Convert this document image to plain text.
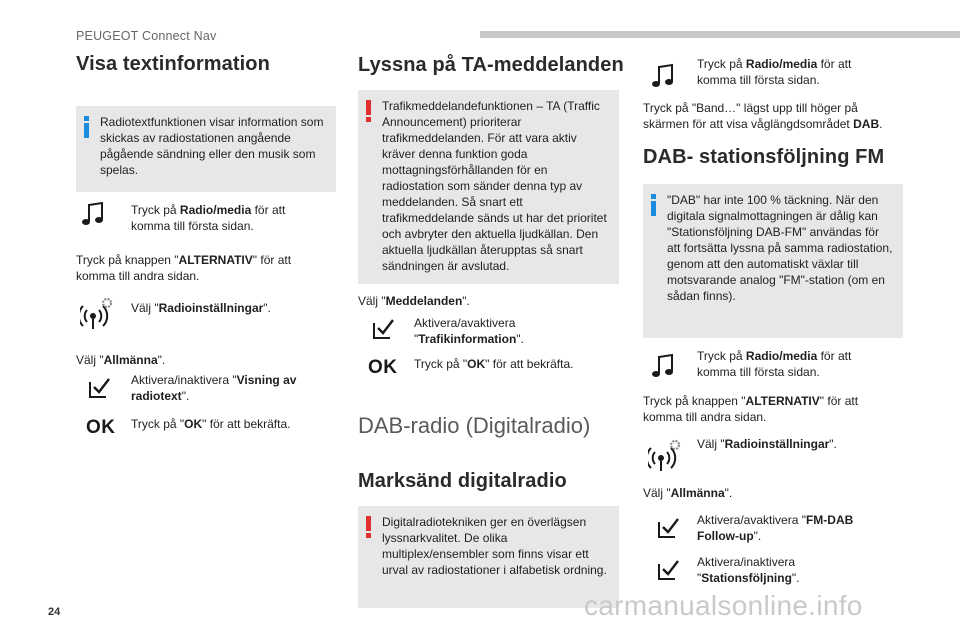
PEUGEOT Connect Nav
Visa textinformation
Radiotextfunktionen visar information som skickas av radiostationen angående pågående sändning eller den musik som spelas.
Tryck på Radio/media för att komma till första sidan.
Tryck på knappen "ALTERNATIV" för att komma till andra sidan.
Välj "Radioinställningar".
Välj "Allmänna".
Aktivera/inaktivera "Visning av radiotext".
OK Tryck på "OK" för att bekräfta.
Lyssna på TA-meddelanden
Trafikmeddelandefunktionen – TA (Traffic Announcement) prioriterar trafikmeddelanden. För att vara aktiv kräver denna funktion goda mottagningsförhållanden för en radiostation som sänder denna typ av meddelanden. Så snart ett trafikmeddelande sänds ut har det prioritet och avbryter den aktuella ljudkällan. Den aktuella ljudkällan återupptas så snart sändningen är avslutad.
Välj "Meddelanden".
Aktivera/avaktivera "Trafikinformation".
OK Tryck på "OK" för att bekräfta.
DAB-radio (Digitalradio)
Marksänd digitalradio
Digitalradiotekniken ger en överlägsen lyssnarkvalitet. De olika multiplex/ensembler som finns visar ett urval av radiostationer i alfabetisk ordning.
Tryck på Radio/media för att komma till första sidan.
Tryck på "Band…" lägst upp till höger på skärmen för att visa våglängdsområdet DAB.
DAB- stationsföljning FM
"DAB" har inte 100 % täckning. När den digitala signalmottagningen är dålig kan "Stationsföljning DAB-FM" användas för att fortsätta lyssna på samma radiostation, genom att den automatiskt växlar till motsvarande analog "FM"-station (om en sådan finns).
Tryck på Radio/media för att komma till första sidan.
Tryck på knappen "ALTERNATIV" för att komma till andra sidan.
Välj "Radioinställningar".
Välj "Allmänna".
Aktivera/avaktivera "FM-DAB Follow-up".
Aktivera/inaktivera "Stationsföljning".
24	carmanualsonline.info
